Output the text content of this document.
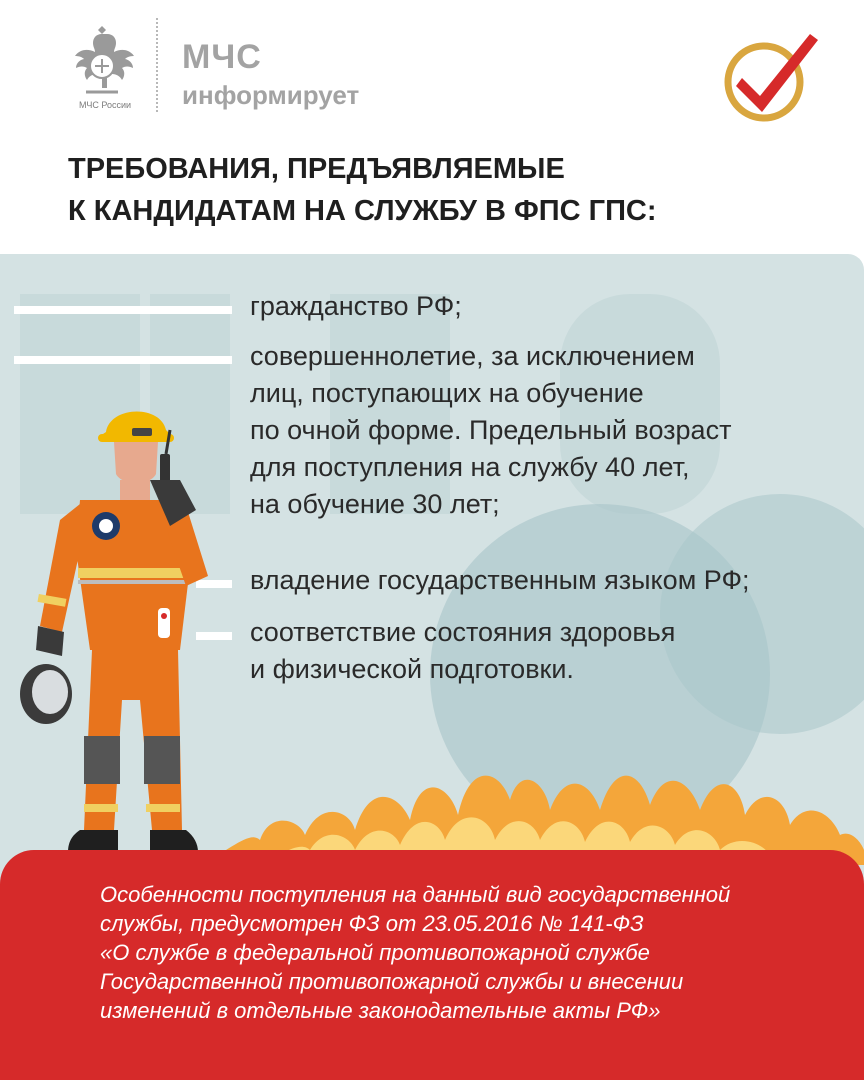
МЧС России
МЧС
информирует
ТРЕБОВАНИЯ, ПРЕДЪЯВЛЯЕМЫЕ
К КАНДИДАТАМ НА СЛУЖБУ В ФПС ГПС:
гражданство РФ;
совершеннолетие, за исключением
лиц, поступающих на обучение
по очной форме. Предельный возраст
для поступления на службу 40 лет,
на обучение 30 лет;
владение государственным языком РФ;
соответствие состояния здоровья
и физической подготовки.
Особенности поступления на данный вид государственной
службы, предусмотрен ФЗ от 23.05.2016 № 141-ФЗ
«О службе в федеральной противопожарной службе
Государственной противопожарной службы и внесении
изменений в отдельные законодательные акты РФ»
